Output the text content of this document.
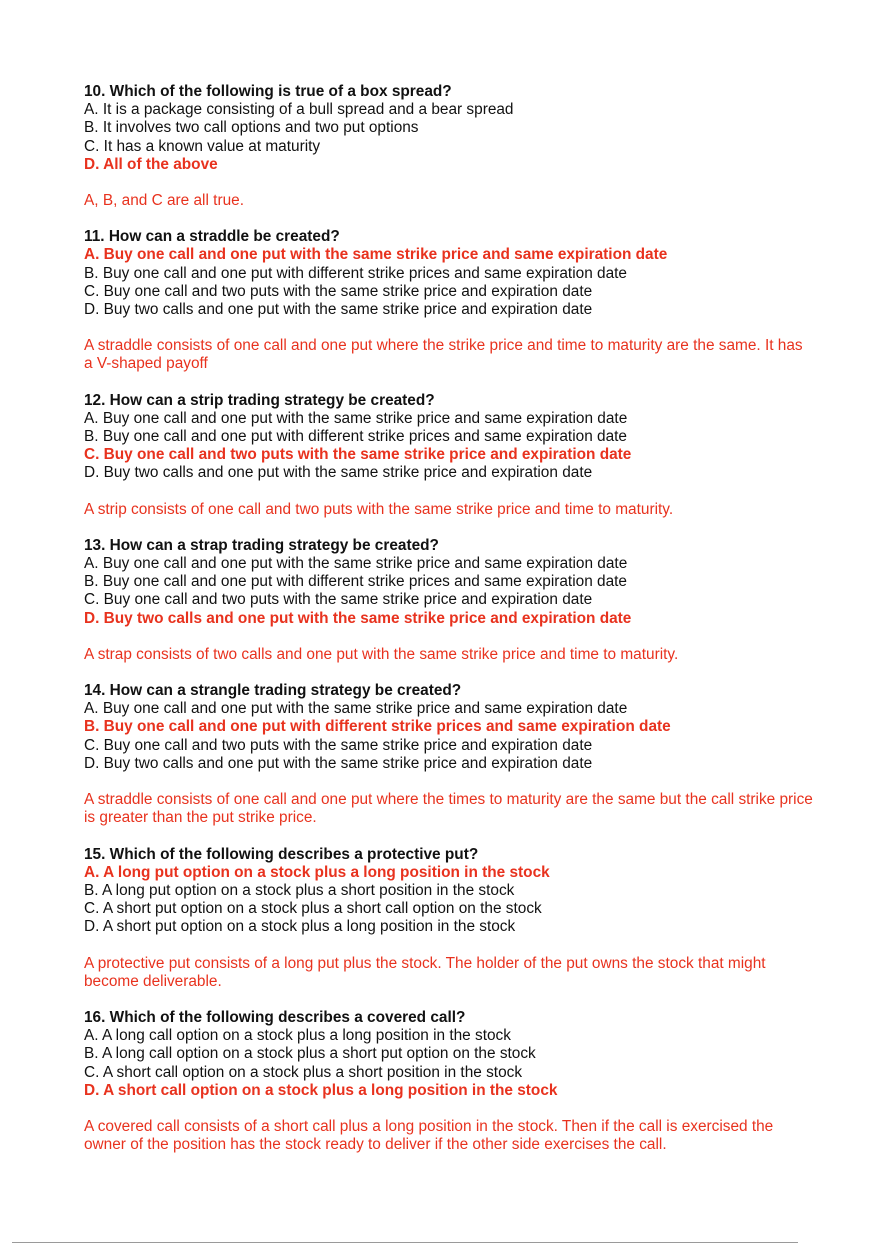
10. Which of the following is true of a box spread?
A. It is a package consisting of a bull spread and a bear spread
B. It involves two call options and two put options
C. It has a known value at maturity
D. All of the above
A, B, and C are all true.
11. How can a straddle be created?
A. Buy one call and one put with the same strike price and same expiration date
B. Buy one call and one put with different strike prices and same expiration date
C. Buy one call and two puts with the same strike price and expiration date
D. Buy two calls and one put with the same strike price and expiration date
A straddle consists of one call and one put where the strike price and time to maturity are the same. It has a V-shaped payoff
12. How can a strip trading strategy be created?
A. Buy one call and one put with the same strike price and same expiration date
B. Buy one call and one put with different strike prices and same expiration date
C. Buy one call and two puts with the same strike price and expiration date
D. Buy two calls and one put with the same strike price and expiration date
A strip consists of one call and two puts with the same strike price and time to maturity.
13. How can a strap trading strategy be created?
A. Buy one call and one put with the same strike price and same expiration date
B. Buy one call and one put with different strike prices and same expiration date
C. Buy one call and two puts with the same strike price and expiration date
D. Buy two calls and one put with the same strike price and expiration date
A strap consists of two calls and one put with the same strike price and time to maturity.
14. How can a strangle trading strategy be created?
A. Buy one call and one put with the same strike price and same expiration date
B. Buy one call and one put with different strike prices and same expiration date
C. Buy one call and two puts with the same strike price and expiration date
D. Buy two calls and one put with the same strike price and expiration date
A straddle consists of one call and one put where the times to maturity are the same but the call strike price is greater than the put strike price.
15. Which of the following describes a protective put?
A. A long put option on a stock plus a long position in the stock
B. A long put option on a stock plus a short position in the stock
C. A short put option on a stock plus a short call option on the stock
D. A short put option on a stock plus a long position in the stock
A protective put consists of a long put plus the stock. The holder of the put owns the stock that might become deliverable.
16. Which of the following describes a covered call?
A. A long call option on a stock plus a long position in the stock
B. A long call option on a stock plus a short put option on the stock
C. A short call option on a stock plus a short position in the stock
D. A short call option on a stock plus a long position in the stock
A covered call consists of a short call plus a long position in the stock. Then if the call is exercised the owner of the position has the stock ready to deliver if the other side exercises the call.
